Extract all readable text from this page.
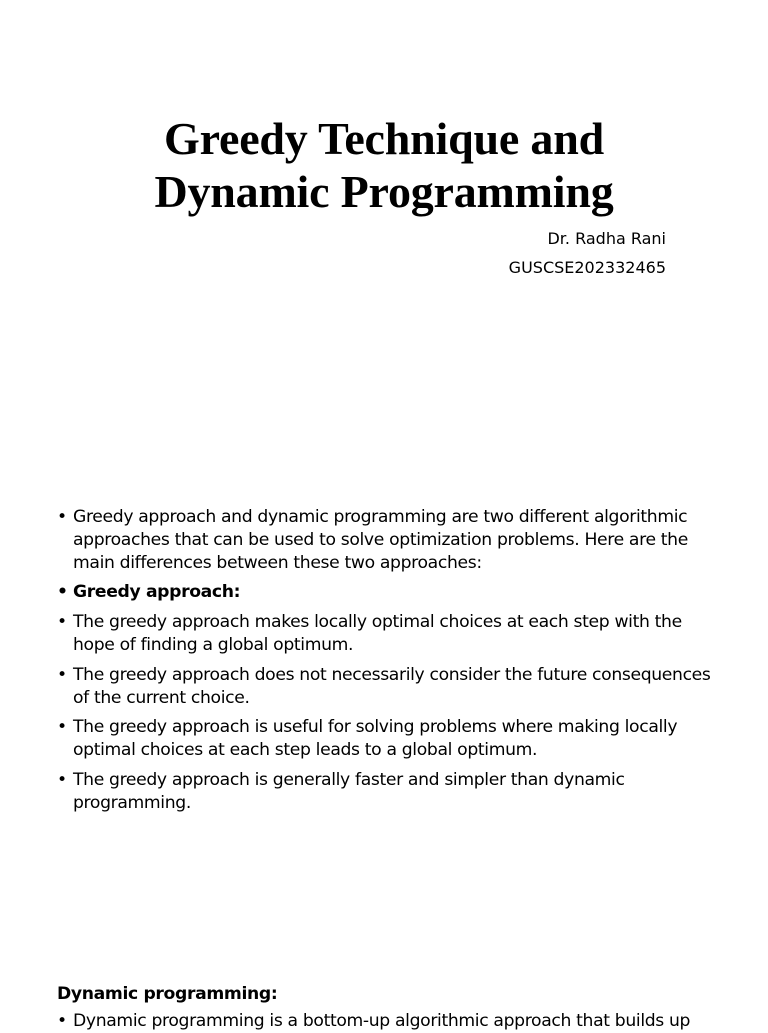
Greedy Technique and
Dynamic Programming
Dr. Radha Rani
GUSCSE202332465
• Greedy approach and dynamic programming are two different algorithmic approaches that can be used to solve optimization problems. Here are the main differences between these two approaches:
• Greedy approach:
• The greedy approach makes locally optimal choices at each step with the hope of finding a global optimum.
• The greedy approach does not necessarily consider the future consequences of the current choice.
• The greedy approach is useful for solving problems where making locally optimal choices at each step leads to a global optimum.
• The greedy approach is generally faster and simpler than dynamic programming.

Dynamic programming:

• Dynamic programming is a bottom-up algorithmic approach that builds up
